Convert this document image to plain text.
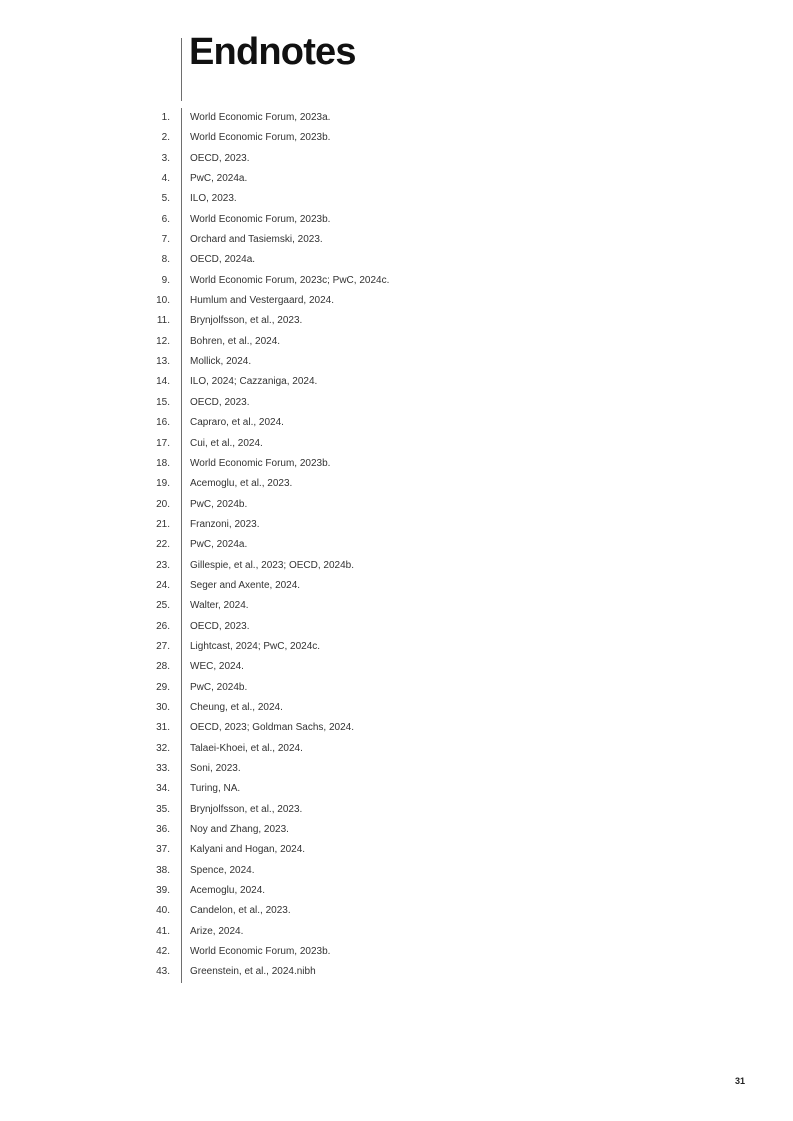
Endnotes
1. World Economic Forum, 2023a.
2. World Economic Forum, 2023b.
3. OECD, 2023.
4. PwC, 2024a.
5. ILO, 2023.
6. World Economic Forum, 2023b.
7. Orchard and Tasiemski, 2023.
8. OECD, 2024a.
9. World Economic Forum, 2023c; PwC, 2024c.
10. Humlum and Vestergaard, 2024.
11. Brynjolfsson, et al., 2023.
12. Bohren, et al., 2024.
13. Mollick, 2024.
14. ILO, 2024; Cazzaniga, 2024.
15. OECD, 2023.
16. Capraro, et al., 2024.
17. Cui, et al., 2024.
18. World Economic Forum, 2023b.
19. Acemoglu, et al., 2023.
20. PwC, 2024b.
21. Franzoni, 2023.
22. PwC, 2024a.
23. Gillespie, et al., 2023; OECD, 2024b.
24. Seger and Axente, 2024.
25. Walter, 2024.
26. OECD, 2023.
27. Lightcast, 2024; PwC, 2024c.
28. WEC, 2024.
29. PwC, 2024b.
30. Cheung, et al., 2024.
31. OECD, 2023; Goldman Sachs, 2024.
32. Talaei-Khoei, et al., 2024.
33. Soni, 2023.
34. Turing, NA.
35. Brynjolfsson, et al., 2023.
36. Noy and Zhang, 2023.
37. Kalyani and Hogan, 2024.
38. Spence, 2024.
39. Acemoglu, 2024.
40. Candelon, et al., 2023.
41. Arize, 2024.
42. World Economic Forum, 2023b.
43. Greenstein, et al., 2024.nibh
31
